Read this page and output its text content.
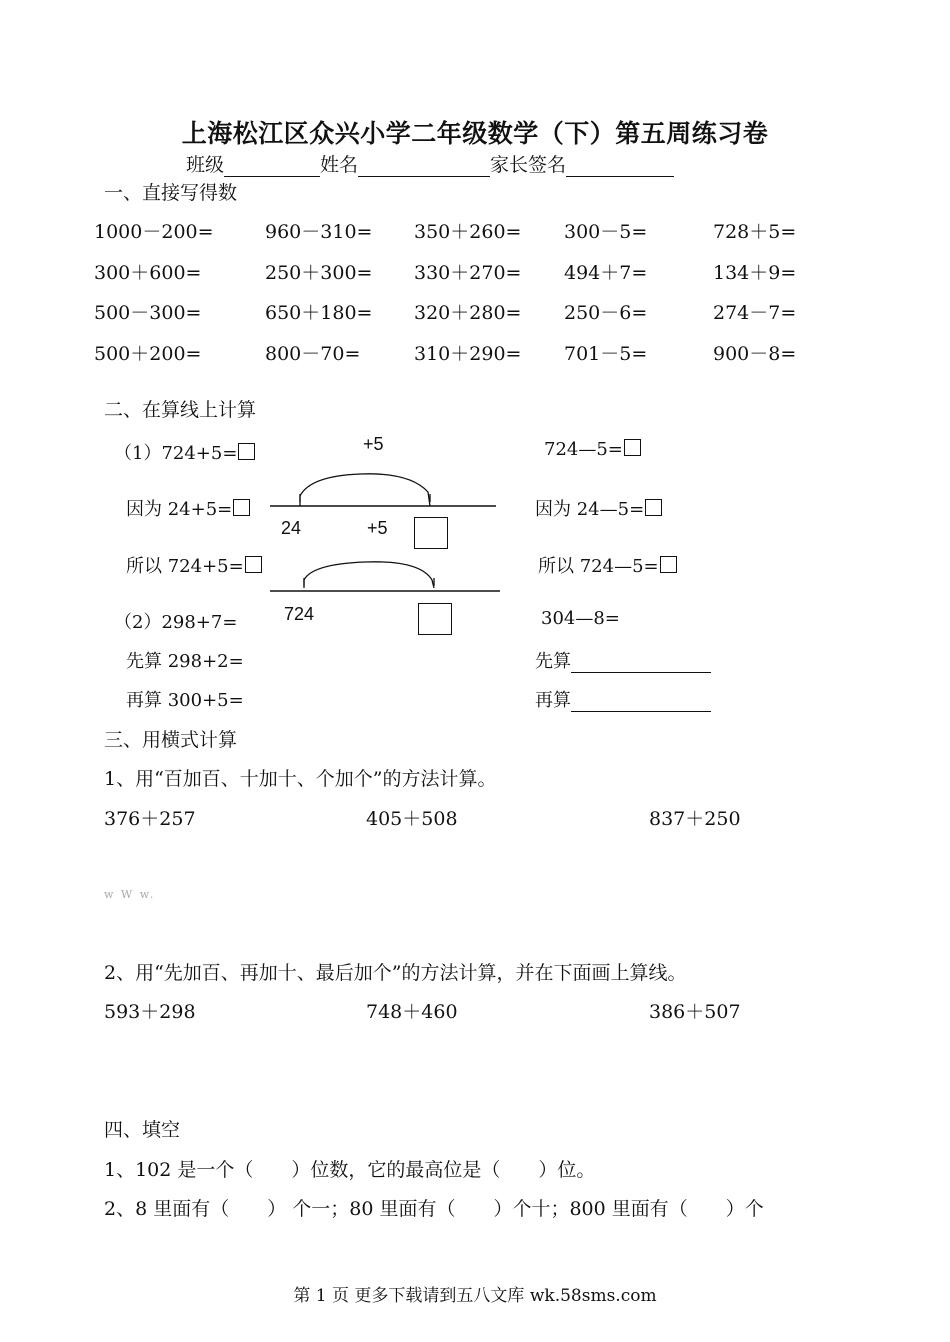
上海松江区众兴小学二年级数学（下）第五周练习卷
班级	姓名	家长签名
一、直接写得数
1000－200=	960－310= 350＋260= 300－5=	728＋5=
300＋600=	250＋300= 330＋270= 494＋7=	134＋9=
500－300=	650＋180= 320＋280= 250－6=	274－7=
500＋200=	800－70=	310＋290= 701－5=	900－8=
二、在算线上计算
（1）724+5=	+5	724—5=
因为 24+5=	因为 24—5=
24	+5
所以 724+5=	所以 724—5=
724
（2）298+7=	304—8=
先算 298+2=	先算
再算 300+5=	再算
三、用横式计算
1、用“百加百、十加十、个加个”的方法计算。
376＋257	405＋508	837＋250
w W w.
2、用“先加百、再加十、最后加个”的方法计算，并在下面画上算线。
593＋298	748＋460	386＋507
四、填空
1、102 是一个（　　）位数，它的最高位是（　　）位。
2、8 里面有（　　） 个一；80 里面有（　　）个十；800 里面有（　　）个
第 1 页 更多下载请到五八文库 wk.58sms.com
